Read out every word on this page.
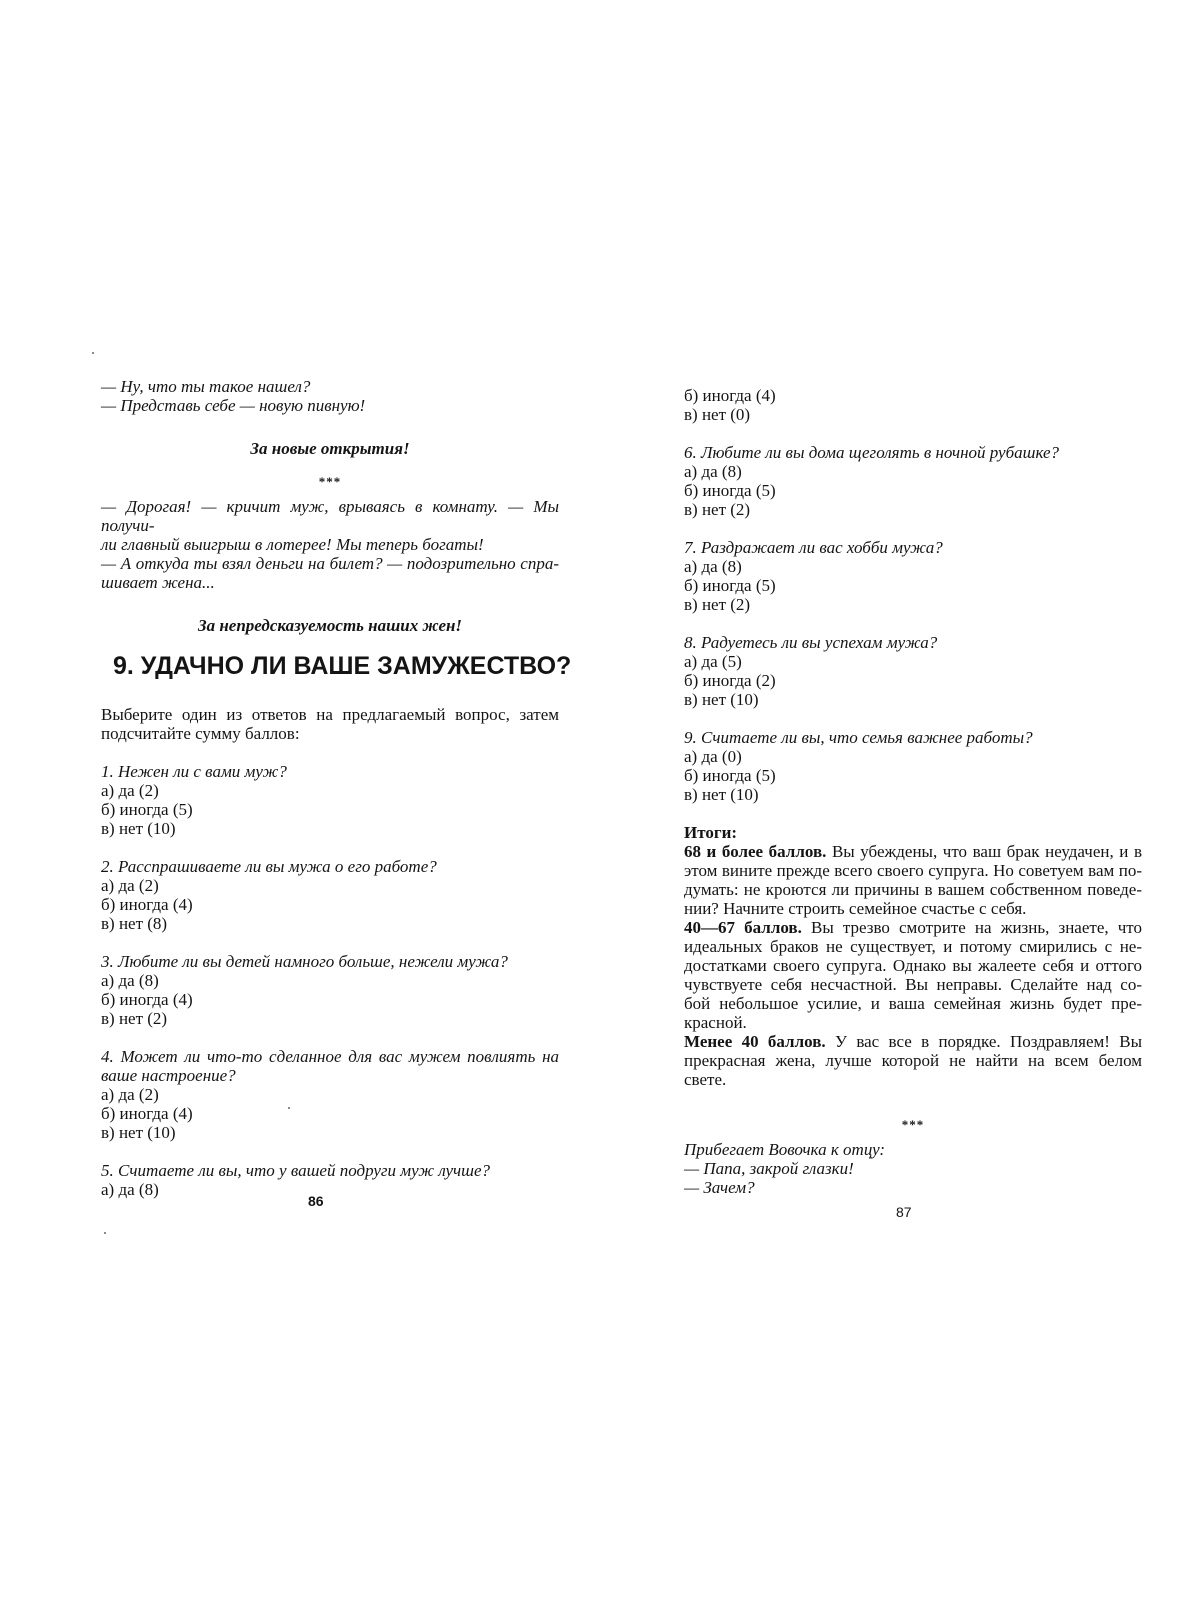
— Ну, что ты такое нашел?
— Представь себе — новую пивную!
За новые открытия!
***
— Дорогая! — кричит муж, врываясь в комнату. — Мы получи-
ли главный выигрыш в лотерее! Мы теперь богаты!
— А откуда ты взял деньги на билет? — подозрительно спра-
шивает жена...
За непредсказуемость наших жен!
9. УДАЧНО ЛИ ВАШЕ ЗАМУЖЕСТВО?
Выберите один из ответов на предлагаемый вопрос, затем
подсчитайте сумму баллов:
1. Нежен ли с вами муж?
а) да (2)
б) иногда (5)
в) нет (10)
2. Расспрашиваете ли вы мужа о его работе?
а) да (2)
б) иногда (4)
в) нет (8)
3. Любите ли вы детей намного больше, нежели мужа?
а) да (8)
б) иногда (4)
в) нет (2)
4. Может ли что-то сделанное для вас мужем повлиять на
ваше настроение?
а) да (2)
б) иногда (4)
в) нет (10)
5. Считаете ли вы, что у вашей подруги муж лучше?
а) да (8)
86
б) иногда (4)
в) нет (0)
6. Любите ли вы дома щеголять в ночной рубашке?
а) да (8)
б) иногда (5)
в) нет (2)
7. Раздражает ли вас хобби мужа?
а) да (8)
б) иногда (5)
в) нет (2)
8. Радуетесь ли вы успехам мужа?
а) да (5)
б) иногда (2)
в) нет (10)
9. Считаете ли вы, что семья важнее работы?
а) да (0)
б) иногда (5)
в) нет (10)
Итоги:
68 и более баллов. Вы убеждены, что ваш брак неудачен, и в
этом вините прежде всего своего супруга. Но советуем вам по-
думать: не кроются ли причины в вашем собственном поведе-
нии? Начните строить семейное счастье с себя.
40—67 баллов. Вы трезво смотрите на жизнь, знаете, что
идеальных браков не существует, и потому смирились с не-
достатками своего супруга. Однако вы жалеете себя и оттого
чувствуете себя несчастной. Вы неправы. Сделайте над со-
бой небольшое усилие, и ваша семейная жизнь будет пре-
красной.
Менее 40 баллов. У вас все в порядке. Поздравляем! Вы
прекрасная жена, лучше которой не найти на всем белом
свете.
***
Прибегает Вовочка к отцу:
— Папа, закрой глазки!
— Зачем?
87
